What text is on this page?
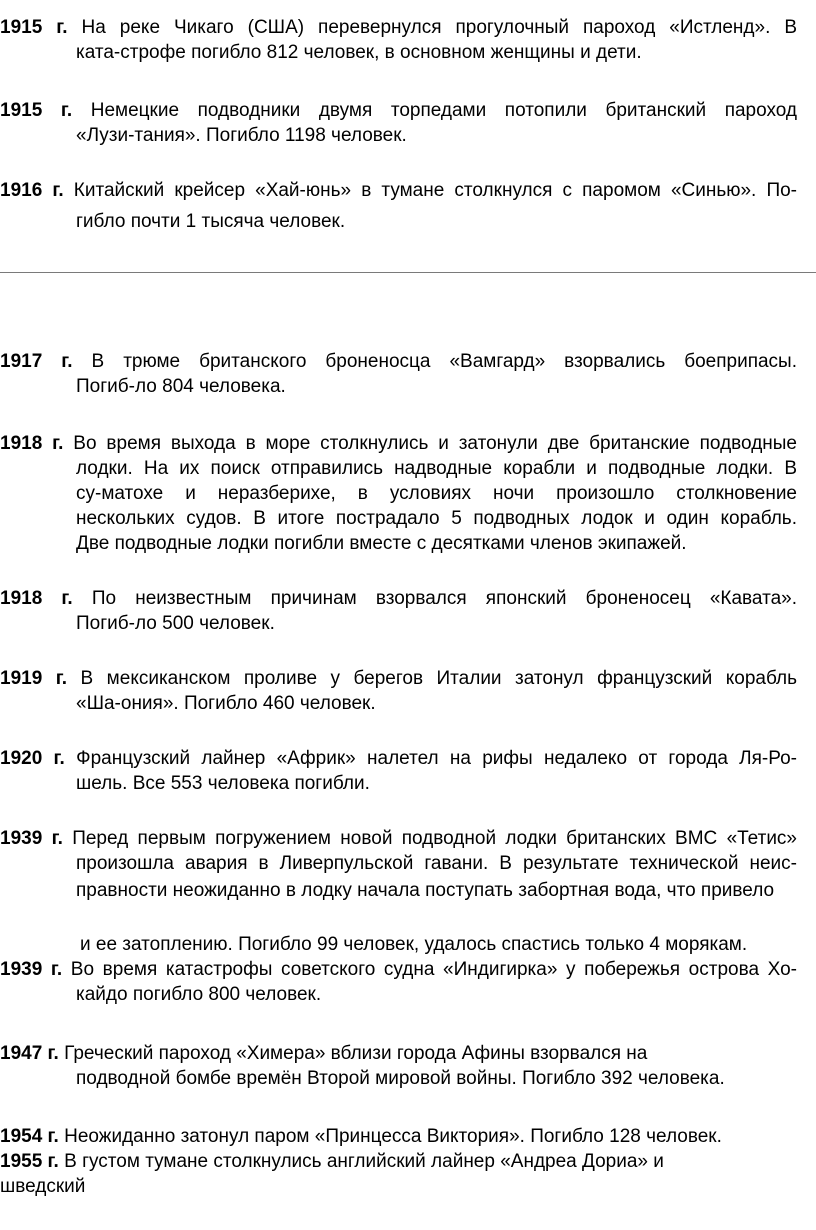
1915 г. На реке Чикаго (США) перевернулся прогулочный пароход «Истленд». В
ката-строфе погибло 812 человек, в основном женщины и дети.
1915 г. Немецкие подводники двумя торпедами потопили британский пароход
«Лузи-тания». Погибло 1198 человек.
1916 г. Китайский крейсер «Хай-юнь» в тумане столкнулся с паромом «Синью». По-
гибло почти 1 тысяча человек.
1917 г. В трюме британского броненосца «Вамгард» взорвались боеприпасы.
Погиб-ло 804 человека.
1918 г. Во время выхода в море столкнулись и затонули две британские подводные
лодки. На их поиск отправились надводные корабли и подводные лодки. В
су-матохе и неразберихе, в условиях ночи произошло столкновение
нескольких судов. В итоге пострадало 5 подводных лодок и один корабль.
Две подводные лодки погибли вместе с десятками членов экипажей.
1918 г. По неизвестным причинам взорвался японский броненосец «Кавата».
Погиб-ло 500 человек.
1919 г. В мексиканском проливе у берегов Италии затонул французский корабль
«Ша-ония». Погибло 460 человек.
1920 г. Французский лайнер «Африк» налетел на рифы недалеко от города Ля-Ро-
шель. Все 553 человека погибли.
1939 г. Перед первым погружением новой подводной лодки британских ВМС «Тетис»
произошла авария в Ливерпульской гавани. В результате технической неис-
правности неожиданно в лодку начала поступать забортная вода, что привело
и ее затоплению. Погибло 99 человек, удалось спастись только 4 морякам.
1939 г. Во время катастрофы советского судна «Индигирка» у побережья острова Хо-
кайдо погибло 800 человек.
1947 г. Греческий пароход «Химера» вблизи города Афины взорвался на
подводной бомбе времён Второй мировой войны. Погибло 392 человека.
1954 г. Неожиданно затонул паром «Принцесса Виктория». Погибло 128 человек.
1955 г. В густом тумане столкнулись английский лайнер «Андреа Дориа» и
шведский
